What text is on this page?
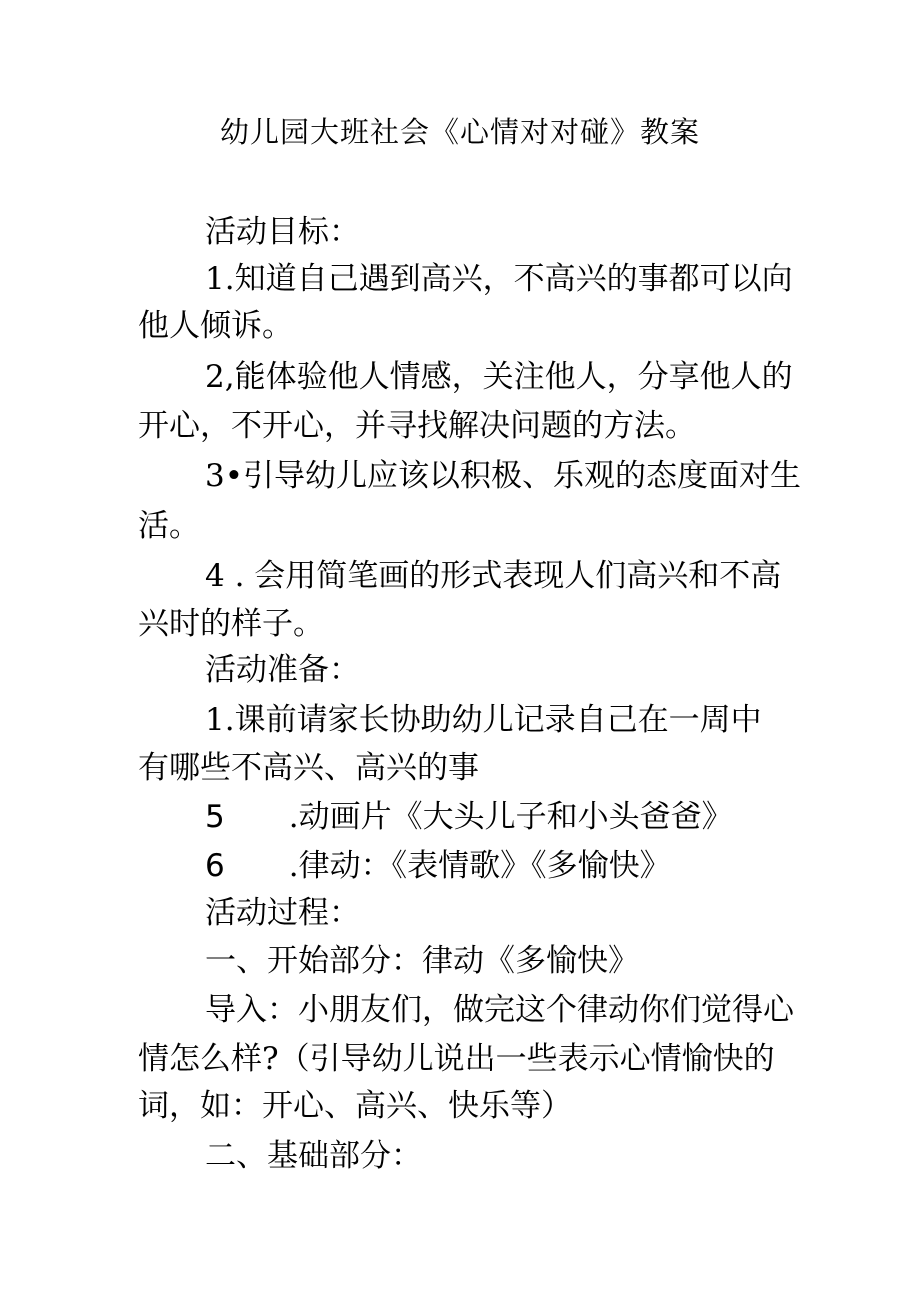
幼儿园大班社会《心情对对碰》教案
活动目标：
1.知道自己遇到高兴，不高兴的事都可以向
他人倾诉。
2,能体验他人情感，关注他人，分享他人的
开心，不开心，并寻找解决问题的方法。
3•引导幼儿应该以积极、乐观的态度面对生
活。
4 . 会用简笔画的形式表现人们高兴和不高
兴时的样子。
活动准备：
1.课前请家长协助幼儿记录自己在一周中
有哪些不高兴、高兴的事
5 .动画片《大头儿子和小头爸爸》
6 .律动：《表情歌》《多愉快》
活动过程：
一、开始部分：律动《多愉快》
导入：小朋友们，做完这个律动你们觉得心
情怎么样?（引导幼儿说出一些表示心情愉快的
词，如：开心、高兴、快乐等）
二、基础部分：
